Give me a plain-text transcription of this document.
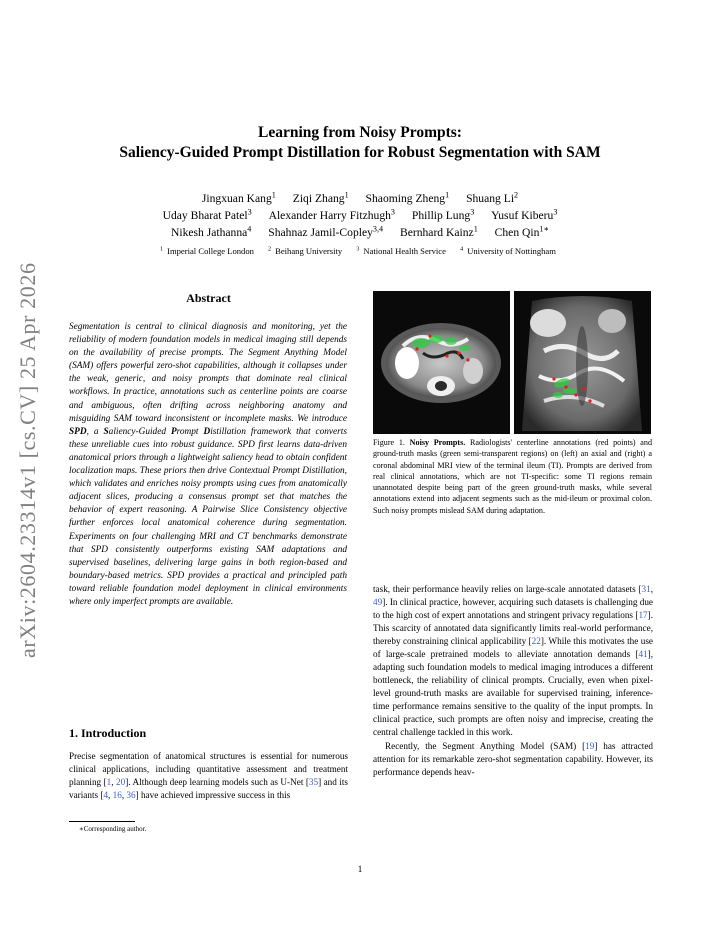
arXiv:2604.23314v1 [cs.CV] 25 Apr 2026
Learning from Noisy Prompts:
Saliency-Guided Prompt Distillation for Robust Segmentation with SAM
Jingxuan Kang$^1$ Ziqi Zhang$^1$ Shaoming Zheng$^1$ Shuang Li$^2$
Uday Bharat Patel$^3$ Alexander Harry Fitzhugh$^3$ Phillip Lung$^3$ Yusuf Kiberu$^3$
Nikesh Jathanna$^4$ Shahnaz Jamil-Copley$^{3,4}$ Bernhard Kainz$^1$ Chen Qin$^{1∗}$
$^1$ Imperial College London $^2$ Beihang University $^3$ National Health Service $^4$ University of Nottingham
Abstract
Segmentation is central to clinical diagnosis and monitoring, yet the reliability of modern foundation models in medical imaging still depends on the availability of precise prompts. The Segment Anything Model (SAM) offers powerful zero-shot capabilities, although it collapses under the weak, generic, and noisy prompts that dominate real clinical workflows. In practice, annotations such as centerline points are coarse and ambiguous, often drifting across neighboring anatomy and misguiding SAM toward inconsistent or incomplete masks. We introduce SPD, a Saliency-Guided Prompt Distillation framework that converts these unreliable cues into robust guidance. SPD first learns data-driven anatomical priors through a lightweight saliency head to obtain confident localization maps. These priors then drive Contextual Prompt Distillation, which validates and enriches noisy prompts using cues from anatomically adjacent slices, producing a consensus prompt set that matches the behavior of expert reasoning. A Pairwise Slice Consistency objective further enforces local anatomical coherence during segmentation. Experiments on four challenging MRI and CT benchmarks demonstrate that SPD consistently outperforms existing SAM adaptations and supervised baselines, delivering large gains in both region-based and boundary-based metrics. SPD provides a practical and principled path toward reliable foundation model deployment in clinical environments where only imperfect prompts are available.
1. Introduction
Precise segmentation of anatomical structures is essential for numerous clinical applications, including quantitative assessment and treatment planning [1, 20]. Although deep learning models such as U-Net [35] and its variants [4, 16, 36] have achieved impressive success in this
∗Corresponding author.
Figure 1. Noisy Prompts. Radiologists' centerline annotations (red points) and ground-truth masks (green semi-transparent regions) on (left) an axial and (right) a coronal abdominal MRI view of the terminal ileum (TI). Prompts are derived from real clinical annotations, which are not TI-specific: some TI regions remain unannotated despite being part of the green ground-truth masks, while several annotations extend into adjacent segments such as the mid-ileum or proximal colon. Such noisy prompts mislead SAM during adaptation.

task, their performance heavily relies on large-scale annotated datasets [31, 49]. In clinical practice, however, acquiring such datasets is challenging due to the high cost of expert annotations and stringent privacy regulations [17]. This scarcity of annotated data significantly limits real-world performance, thereby constraining clinical applicability [22]. While this motivates the use of large-scale pretrained models to alleviate annotation demands [41], adapting such foundation models to medical imaging introduces a different bottleneck, the reliability of clinical prompts. Crucially, even when pixel-level ground-truth masks are available for supervised training, inference-time performance remains sensitive to the quality of the input prompts. In clinical practice, such prompts are often noisy and imprecise, creating the central challenge tackled in this work.

Recently, the Segment Anything Model (SAM) [19] has attracted attention for its remarkable zero-shot segmentation capability. However, its performance depends heav-

1
